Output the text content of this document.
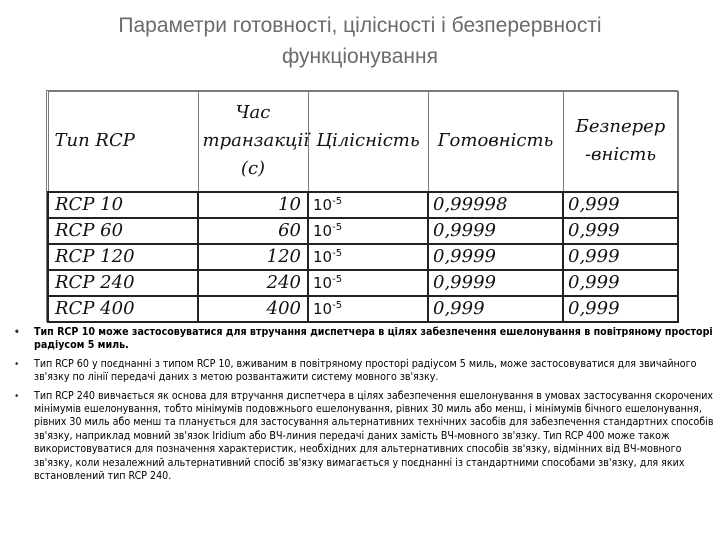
Параметри готовності, цілісності і безперервності функціонування
Тип RCP	Час транзакції (с)	Цілісність	Готовність	Безперер -вність
RCP 10	10	$10^{-5}$	0,99998	0,999
RCP 60	60	$10^{-5}$	0,9999	0,999
RCP 120	120	$10^{-5}$	0,9999	0,999
RCP 240	240	$10^{-5}$	0,9999	0,999
RCP 400	400	$10^{-5}$	0,999	0,999
• Тип RCP 10 може застосовуватися для втручання диспетчера в цілях забезпечення ешелонування в повітряному просторі радіусом 5 миль.
• Тип RCP 60 у поєднанні з типом RCP 10, вживаним в повітряному просторі радіусом 5 миль, може застосовуватися для звичайного зв'язку по лінії передачі даних з метою розвантажити систему мовного зв'язку.
• Тип RCP 240 вивчається як основа для втручання диспетчера в цілях забезпечення ешелонування в умовах застосування скорочених мінімумів ешелонування, тобто мінімумів подовжнього ешелонування, рівних 30 миль або менш, і мінімумів бічного ешелонування, рівних 30 миль або менш та планується для застосування альтернативних технічних засобів для забезпечення стандартних способів зв'язку, наприклад мовний зв'язок Iridium або ВЧ-линия передачі даних замість ВЧ-мовного зв'язку. Тип RCP 400 може також використовуватися для позначення характеристик, необхідних для альтернативних способів зв'язку, відмінних від ВЧ-мовного зв'язку, коли незалежний альтернативний спосіб зв'язку вимагається у поєднанні із стандартними способами зв'язку, для яких встановлений тип RCP 240.
